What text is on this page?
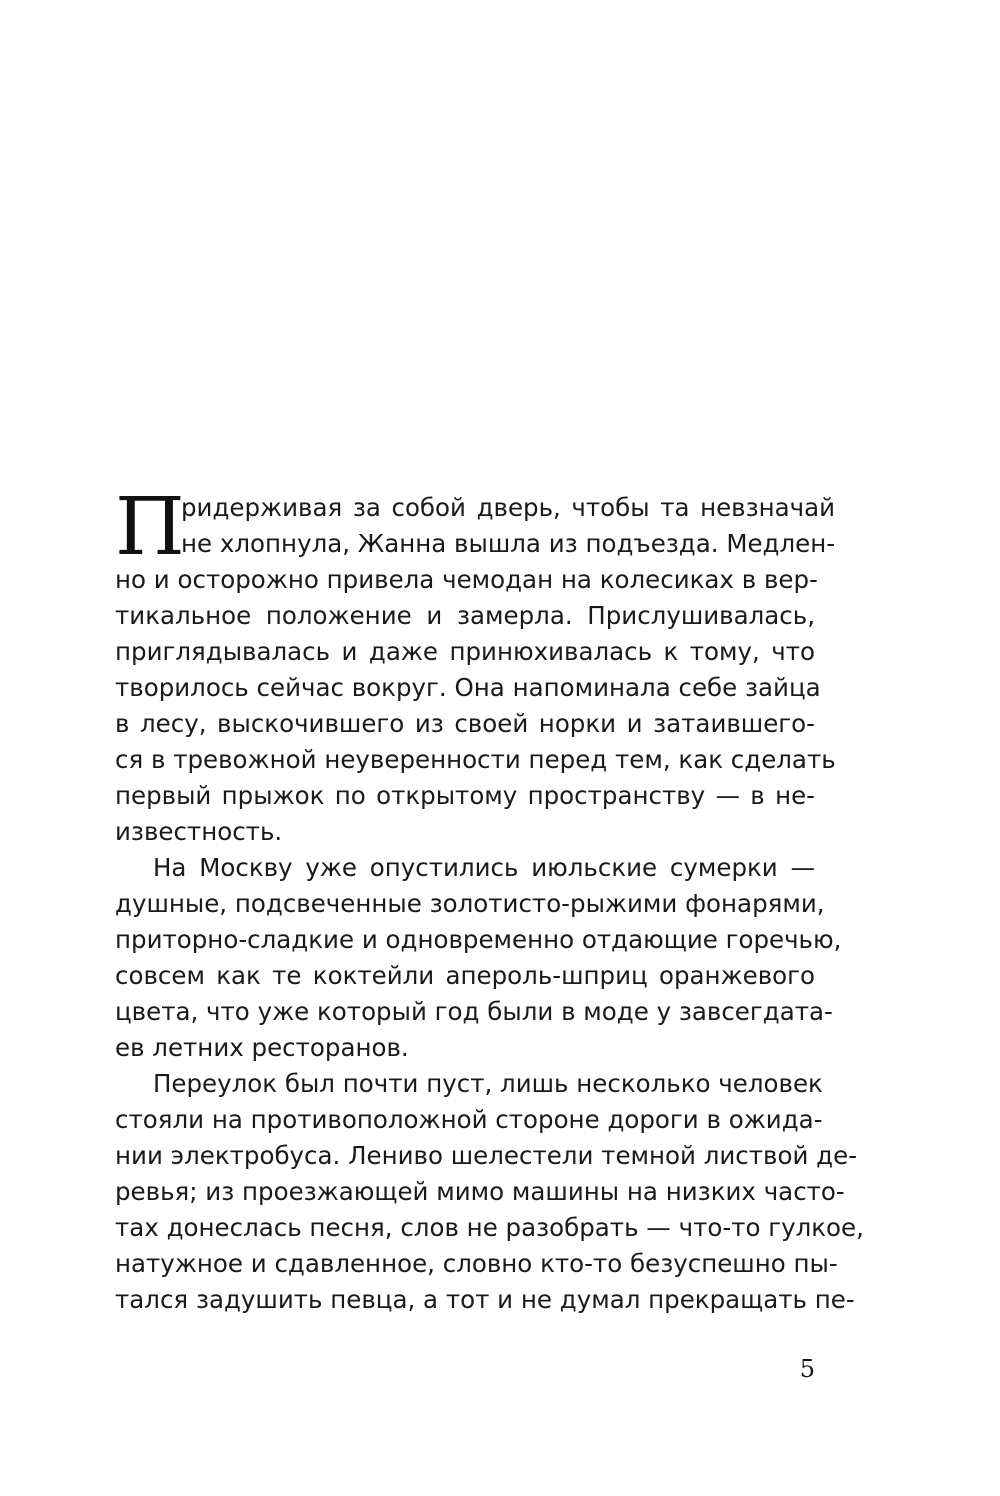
П
ридерживая за собой дверь, чтобы та невзначай
не хлопнула, Жанна вышла из подъезда. Медлен-
но и осторожно привела чемодан на колесиках в вер-
тикальное положение и замерла. Прислушивалась,
приглядывалась и даже принюхивалась к тому, что
творилось сейчас вокруг. Она напоминала себе зайца
в лесу, выскочившего из своей норки и затаившего-
ся в тревожной неуверенности перед тем, как сделать
первый прыжок по открытому пространству — в не-
известность.
На Москву уже опустились июльские сумерки —
душные, подсвеченные золотисто-рыжими фонарями,
приторно-сладкие и одновременно отдающие горечью,
совсем как те коктейли апероль-шприц оранжевого
цвета, что уже который год были в моде у завсегдата-
ев летних ресторанов.
Переулок был почти пуст, лишь несколько человек
стояли на противоположной стороне дороги в ожида-
нии электробуса. Лениво шелестели темной листвой де-
ревья; из проезжающей мимо машины на низких часто-
тах донеслась песня, слов не разобрать — что-то гулкое,
натужное и сдавленное, словно кто-то безуспешно пы-
тался задушить певца, а тот и не думал прекращать пе-
5
